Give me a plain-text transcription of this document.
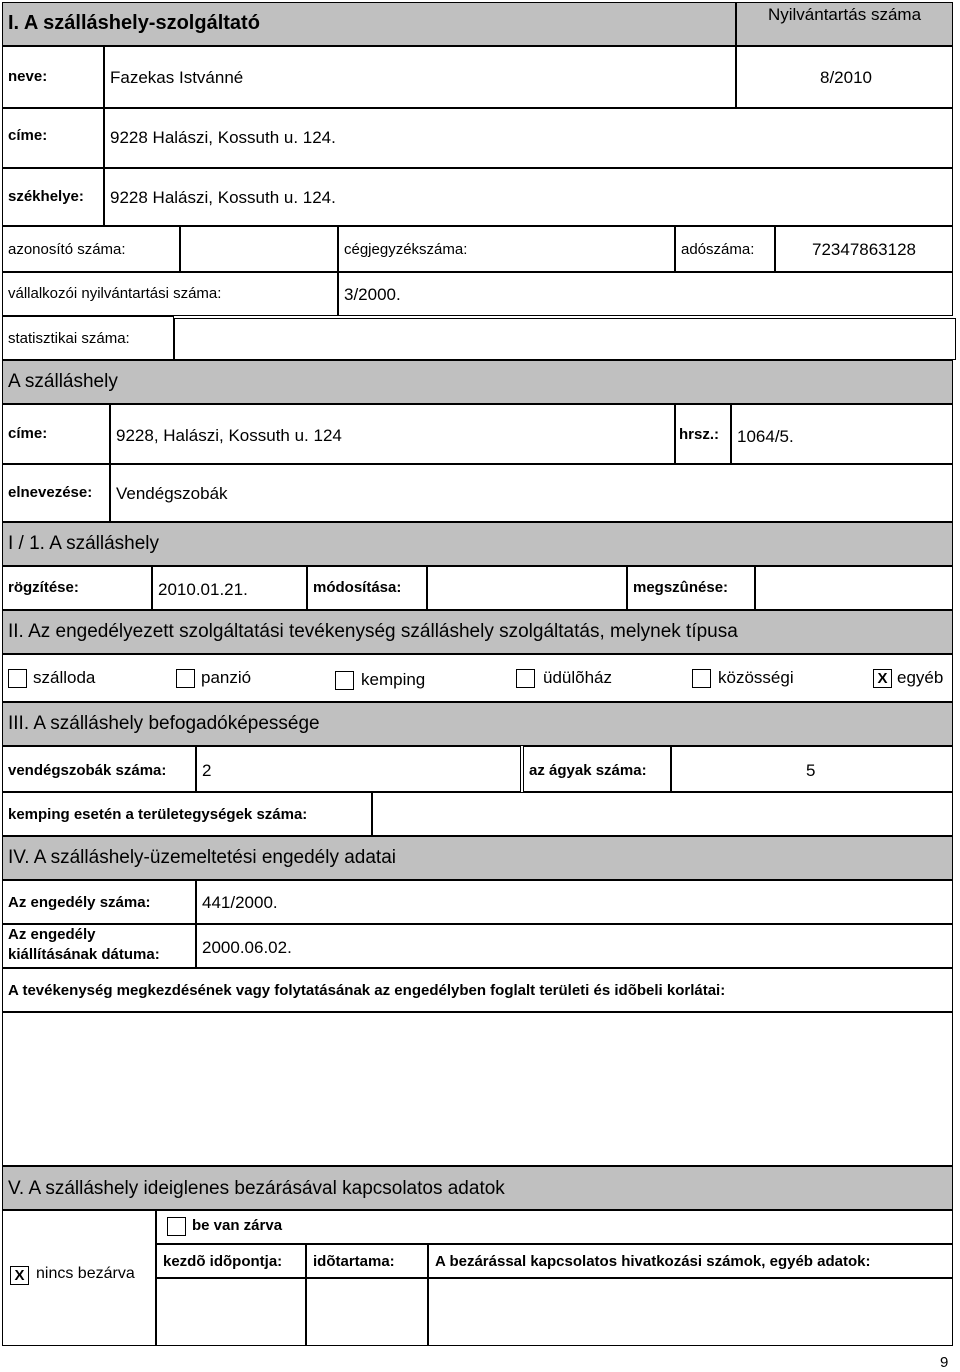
I. A szálláshely-szolgáltató	Nyilvántartás száma
neve:	Fazekas Istvánné	8/2010
címe:	9228 Halászi, Kossuth u. 124.
székhelye: 9228 Halászi, Kossuth u. 124.
azonosító száma:	cégjegyzékszáma:	adószáma:	72347863128
vállalkozói nyilvántartási száma:	3/2000.
statisztikai száma:
A szálláshely
címe:	9228, Halászi, Kossuth u. 124	hrsz.: 1064/5.
elnevezése: Vendégszobák
I / 1. A szálláshely
rögzítése:	2010.01.21.	módosítása:	megszûnése:
II. Az engedélyezett szolgáltatási tevékenység szálláshely szolgáltatás, melynek típusa
szálloda	panzió	kemping	üdülõház	közösségi	X egyéb
III. A szálláshely befogadóképessége
vendégszobák száma: 2	az ágyak száma:	5
kemping esetén a területegységek száma:
IV. A szálláshely-üzemeltetési engedély adatai
Az engedély száma:	441/2000.
Az engedély
kiállításának dátuma: 2000.06.02.
A tevékenység megkezdésének vagy folytatásának az engedélyben foglalt területi és idõbeli korlátai:
V. A szálláshely ideiglenes bezárásával kapcsolatos adatok
X nincs bezárva
be van zárva
kezdõ idõpontja: idõtartama:	A bezárással kapcsolatos hivatkozási számok, egyéb adatok:
9
